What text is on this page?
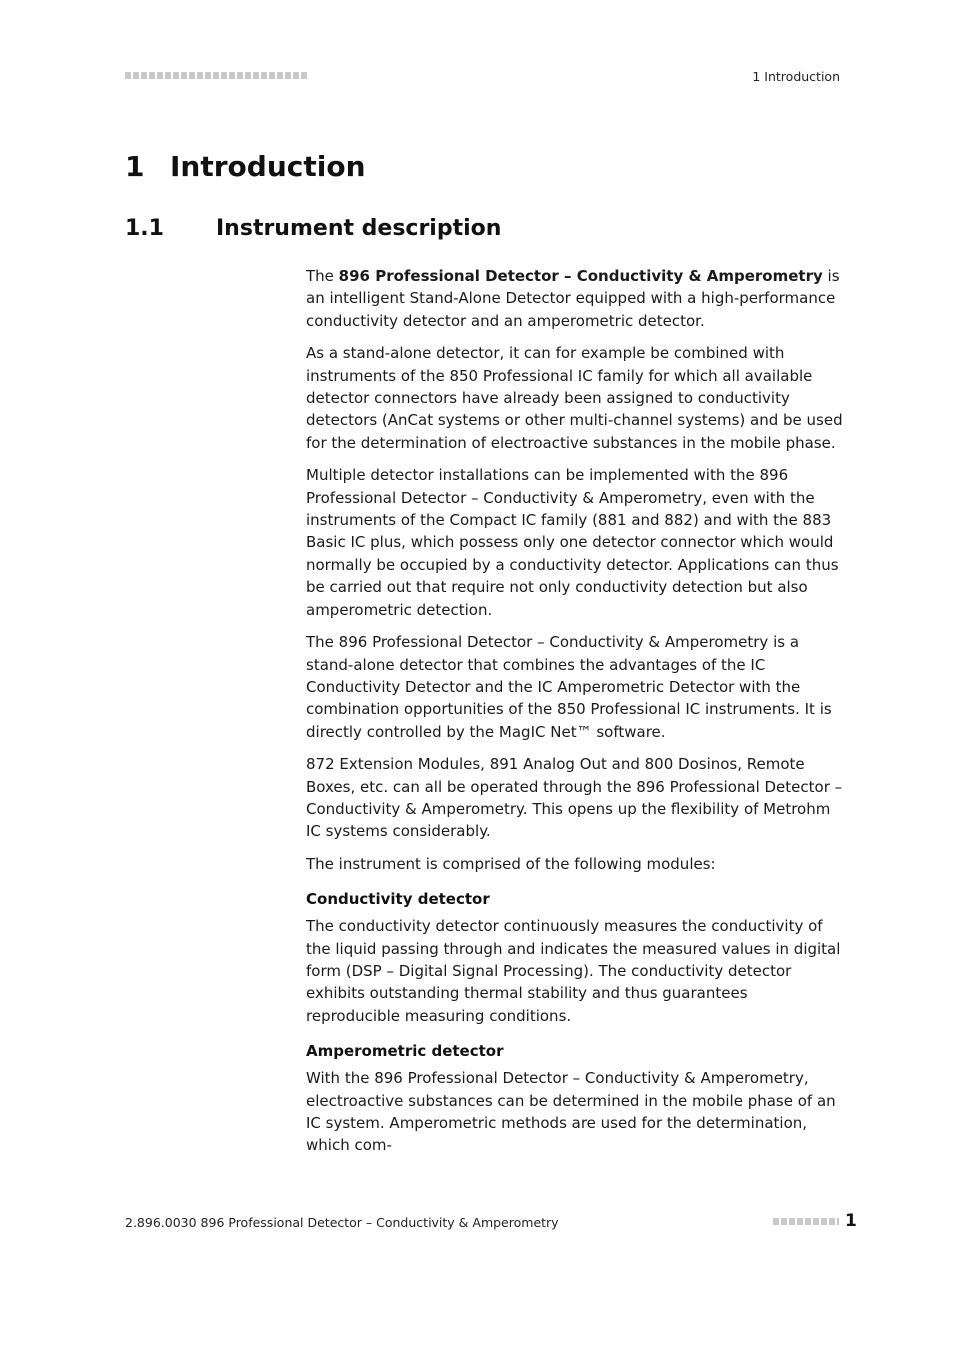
1 Introduction
1 Introduction
1.1 Instrument description

The 896 Professional Detector – Conductivity & Amperometry is an intelligent Stand-Alone Detector equipped with a high-performance conductivity detector and an amperometric detector.

As a stand-alone detector, it can for example be combined with instruments of the 850 Professional IC family for which all available detector connectors have already been assigned to conductivity detectors (AnCat systems or other multi-channel systems) and be used for the determination of electroactive substances in the mobile phase.

Multiple detector installations can be implemented with the 896 Professional Detector – Conductivity & Amperometry, even with the instruments of the Compact IC family (881 and 882) and with the 883 Basic IC plus, which possess only one detector connector which would normally be occupied by a conductivity detector. Applications can thus be carried out that require not only conductivity detection but also amperometric detection.

The 896 Professional Detector – Conductivity & Amperometry is a stand-alone detector that combines the advantages of the IC Conductivity Detector and the IC Amperometric Detector with the combination opportunities of the 850 Professional IC instruments. It is directly controlled by the MagIC Net™ software.

872 Extension Modules, 891 Analog Out and 800 Dosinos, Remote Boxes, etc. can all be operated through the 896 Professional Detector – Conductivity & Amperometry. This opens up the flexibility of Metrohm IC systems considerably.

The instrument is comprised of the following modules:

Conductivity detector

The conductivity detector continuously measures the conductivity of the liquid passing through and indicates the measured values in digital form (DSP – Digital Signal Processing). The conductivity detector exhibits outstanding thermal stability and thus guarantees reproducible measuring conditions.

Amperometric detector

With the 896 Professional Detector – Conductivity & Amperometry, electroactive substances can be determined in the mobile phase of an IC system. Amperometric methods are used for the determination, which com-

2.896.0030 896 Professional Detector – Conductivity & Amperometry	1
